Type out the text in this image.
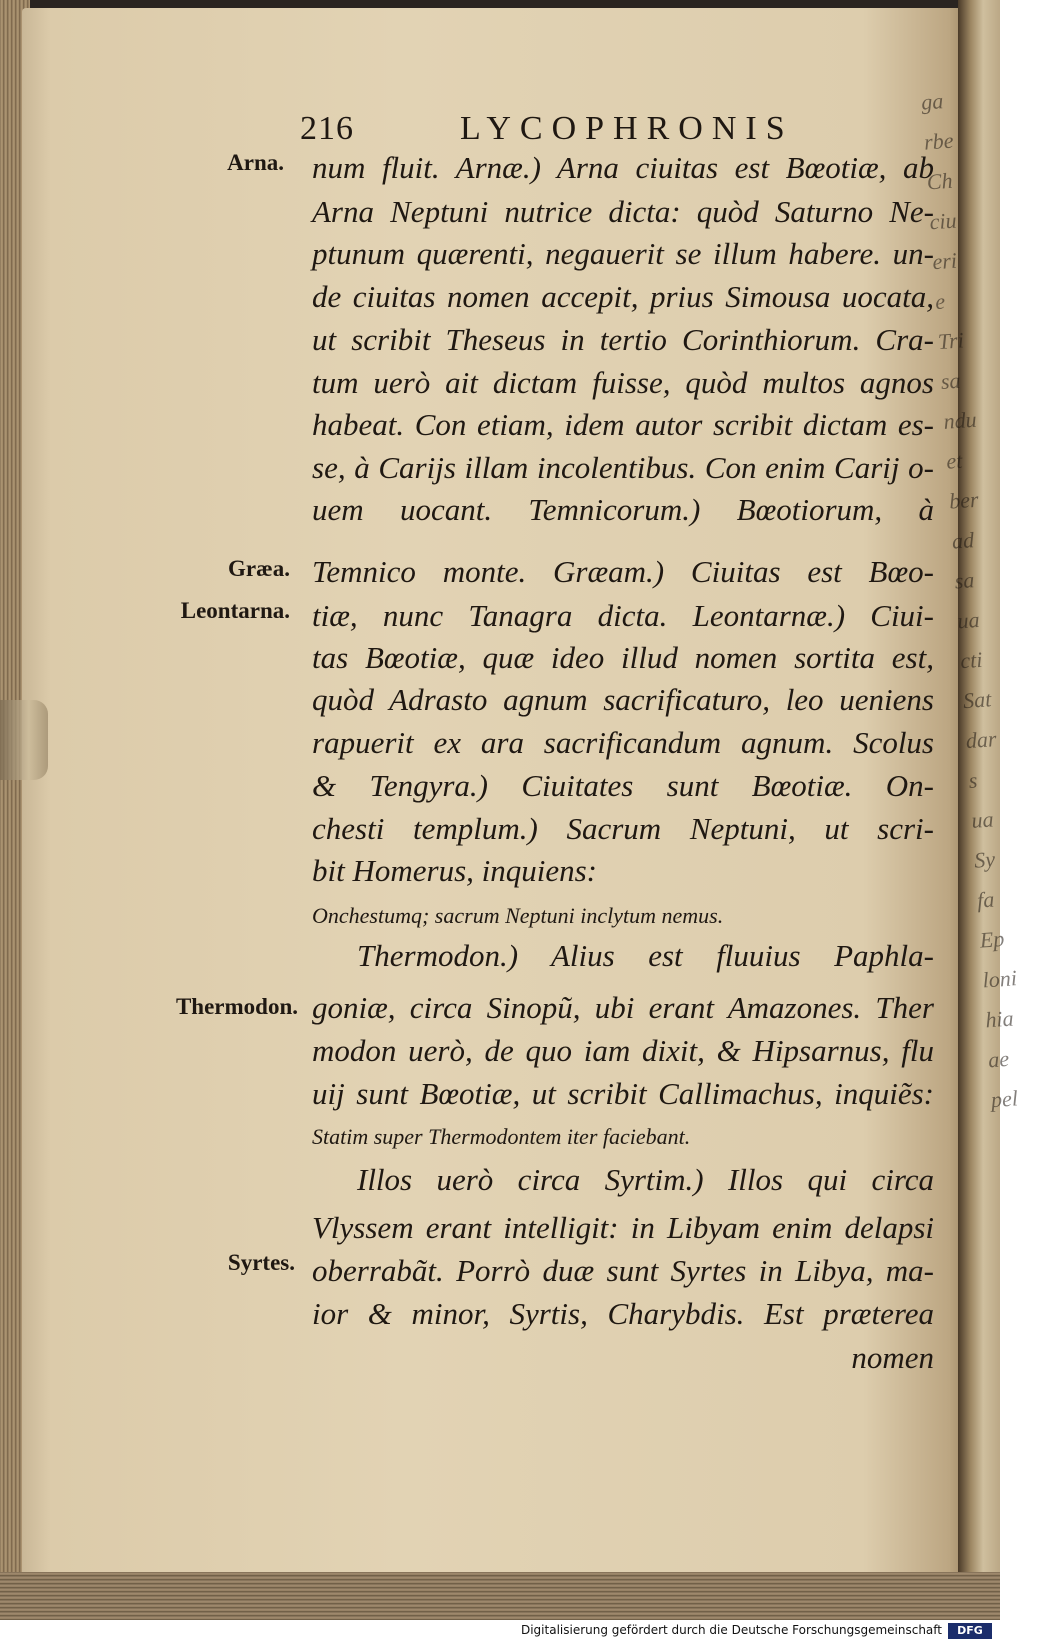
ga
rbe
Ch
ciu
eri
e
Tri
sa
ndu
et
ber
ad
sa
ua
cti
Sat
dar
s
ua
Sy
fa
Ep
loni
hia
ae
pel
216	LYCOPHRONIS
Arna.
Græa.
Leontarna.
Thermodon.
Syrtes.
num fluit. Arnæ.) Arna ciuitas est Bœotiæ, ab
Arna Neptuni nutrice dicta: quòd Saturno Ne-
ptunum quærenti, negauerit se illum habere. un-
de ciuitas nomen accepit, prius Simousa uocata,
ut scribit Theseus in tertio Corinthiorum. Cra-
tum uerò ait dictam fuisse, quòd multos agnos
habeat. Con etiam, idem autor scribit dictam es-
se, à Carijs illam incolentibus. Con enim Carij o-
uem uocant. Temnicorum.) Bœotiorum, à
Temnico monte. Græam.) Ciuitas est Bœo-
tiæ, nunc Tanagra dicta. Leontarnæ.) Ciui-
tas Bœotiæ, quæ ideo illud nomen sortita est,
quòd Adrasto agnum sacrificaturo, leo ueniens
rapuerit ex ara sacrificandum agnum. Scolus
& Tengyra.) Ciuitates sunt Bœotiæ. On-
chesti templum.) Sacrum Neptuni, ut scri-
bit Homerus, inquiens:
Onchestumq; sacrum Neptuni inclytum nemus.
Thermodon.) Alius est fluuius Paphla-
goniæ, circa Sinopũ, ubi erant Amazones. Ther
modon uerò, de quo iam dixit, & Hipsarnus, flu
uij sunt Bœotiæ, ut scribit Callimachus, inquiẽs:
Statim super Thermodontem iter faciebant.
Illos uerò circa Syrtim.) Illos qui circa
Vlyssem erant intelligit: in Libyam enim delapsi
oberrabãt. Porrò duæ sunt Syrtes in Libya, ma-
ior & minor, Syrtis, Charybdis. Est præterea
nomen
Digitalisierung gefördert durch die Deutsche Forschungsgemeinschaft	DFG
